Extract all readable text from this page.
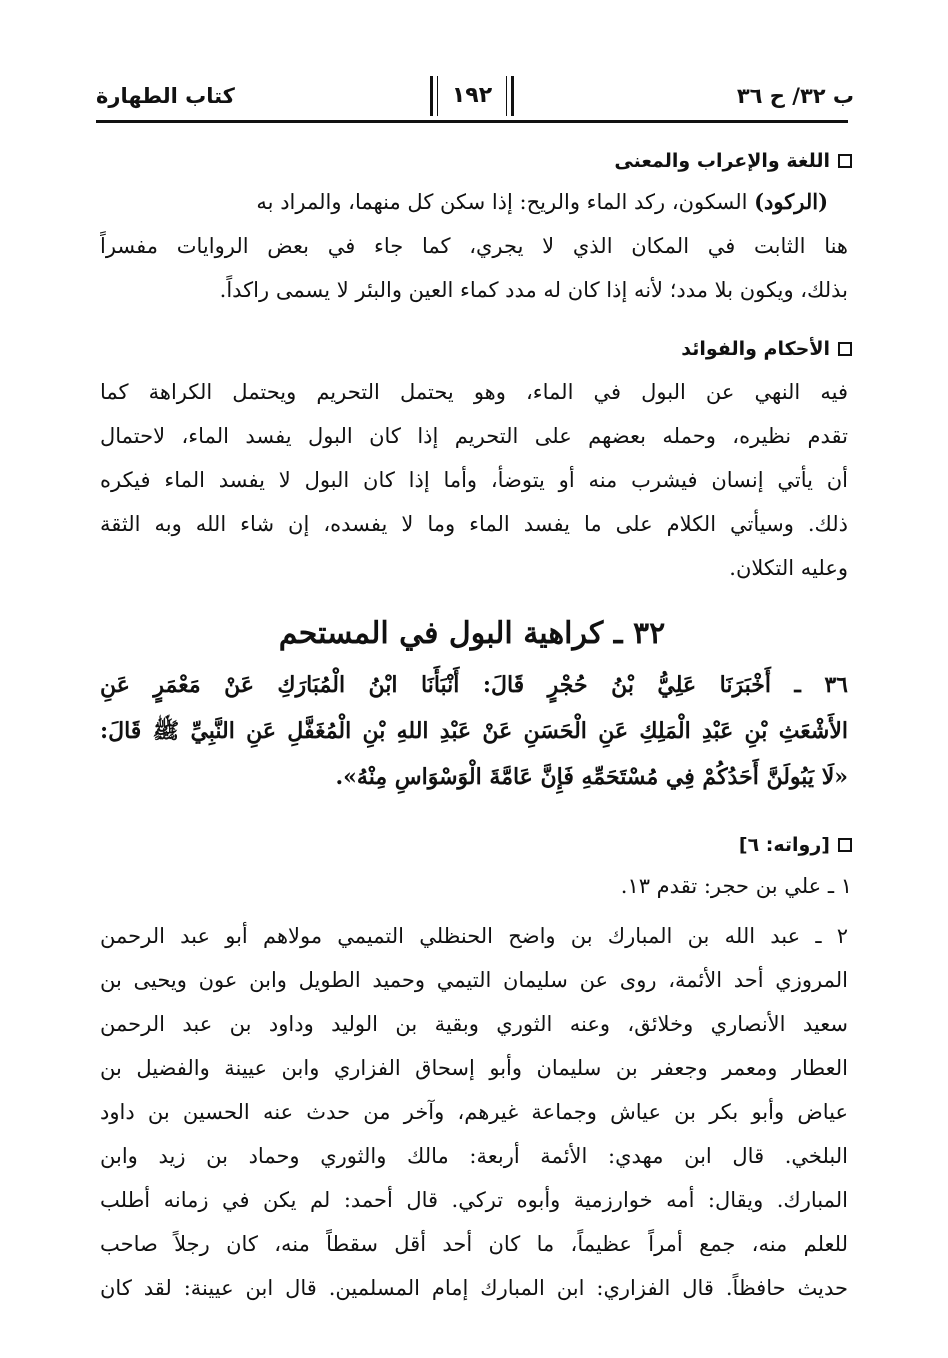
ب ٣٢/ ح ٣٦
١٩٢
كتاب الطهارة
اللغة والإعراب والمعنى
(الركود) السكون، ركد الماء والريح: إذا سكن كل منهما، والمراد به
هنا الثابت في المكان الذي لا يجري، كما جاء في بعض الروايات مفسراً
بذلك، ويكون بلا مدد؛ لأنه إذا كان له مدد كماء العين والبئر لا يسمى راكداً.
الأحكام والفوائد
فيه النهي عن البول في الماء، وهو يحتمل التحريم ويحتمل الكراهة كما
تقدم نظيره، وحمله بعضهم على التحريم إذا كان البول يفسد الماء، لاحتمال
أن يأتي إنسان فيشرب منه أو يتوضأ، وأما إذا كان البول لا يفسد الماء فيكره
ذلك. وسيأتي الكلام على ما يفسد الماء وما لا يفسده، إن شاء الله وبه الثقة
وعليه التكلان.
٣٢ ـ كراهية البول في المستحم
٣٦ ـ أَخْبَرَنَا عَلِيُّ بْنُ حُجْرٍ قَالَ: أَنْبَأَنَا ابْنُ الْمُبَارَكِ عَنْ مَعْمَرٍ عَنِ
الأَشْعَثِ بْنِ عَبْدِ الْمَلِكِ عَنِ الْحَسَنِ عَنْ عَبْدِ اللهِ بْنِ الْمُغَفَّلِ عَنِ النَّبِيِّ ﷺ قَالَ:
«لَا يَبُولَنَّ أَحَدُكُمْ فِي مُسْتَحَمِّهِ فَإِنَّ عَامَّةَ الْوَسْوَاسِ مِنْهُ».
[رواته: ٦]
١ ـ علي بن حجر: تقدم ١٣.
٢ ـ عبد الله بن المبارك بن واضح الحنظلي التميمي مولاهم أبو عبد الرحمن
المروزي أحد الأئمة، روى عن سليمان التيمي وحميد الطويل وابن عون ويحيى بن
سعيد الأنصاري وخلائق، وعنه الثوري وبقية بن الوليد وداود بن عبد الرحمن
العطار ومعمر وجعفر بن سليمان وأبو إسحاق الفزاري وابن عيينة والفضيل بن
عياض وأبو بكر بن عياش وجماعة غيرهم، وآخر من حدث عنه الحسين بن داود
البلخي. قال ابن مهدي: الأئمة أربعة: مالك والثوري وحماد بن زيد وابن
المبارك. ويقال: أمه خوارزمية وأبوه تركي. قال أحمد: لم يكن في زمانه أطلب
للعلم منه، جمع أمراً عظيماً، ما كان أحد أقل سقطاً منه، كان رجلاً صاحب
حديث حافظاً. قال الفزاري: ابن المبارك إمام المسلمين. قال ابن عيينة: لقد كان
